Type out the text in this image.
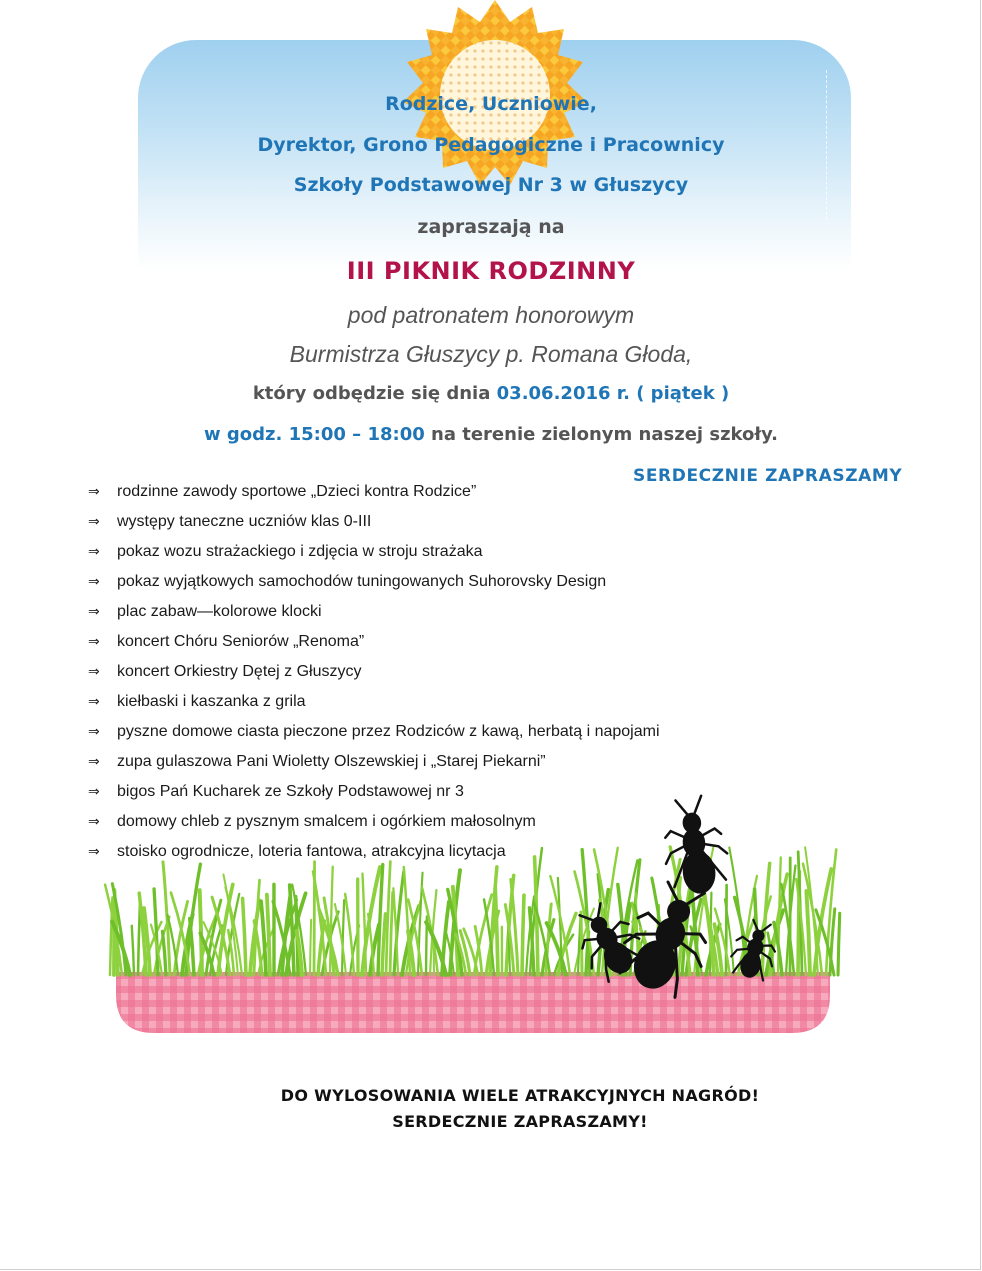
Rodzice, Uczniowie,
Dyrektor, Grono Pedagogiczne i Pracownicy
Szkoły Podstawowej Nr 3 w Głuszycy
zapraszają na
III PIKNIK RODZINNY
pod patronatem honorowym
Burmistrza Głuszycy p. Romana Głoda,
który odbędzie się dnia 03.06.2016 r. ( piątek )
w godz. 15:00 – 18:00 na terenie zielonym naszej szkoły.
SERDECZNIE ZAPRASZAMY
⇒ rodzinne zawody sportowe „Dzieci kontra Rodzice”
⇒ występy taneczne uczniów klas 0-III
⇒ pokaz wozu strażackiego i zdjęcia w stroju strażaka
⇒ pokaz wyjątkowych samochodów tuningowanych Suhorovsky Design
⇒ plac zabaw—kolorowe klocki
⇒ koncert Chóru Seniorów „Renoma”
⇒ koncert Orkiestry Dętej z Głuszycy
⇒ kiełbaski i kaszanka z grila
⇒ pyszne domowe ciasta pieczone przez Rodziców z kawą, herbatą i napojami
⇒ zupa gulaszowa Pani Wioletty Olszewskiej i „Starej Piekarni”
⇒ bigos Pań Kucharek ze Szkoły Podstawowej nr 3
⇒ domowy chleb z pysznym smalcem i ogórkiem małosolnym
⇒ stoisko ogrodnicze, loteria fantowa, atrakcyjna licytacja
DO WYLOSOWANIA WIELE ATRAKCYJNYCH NAGRÓD!
SERDECZNIE ZAPRASZAMY!
